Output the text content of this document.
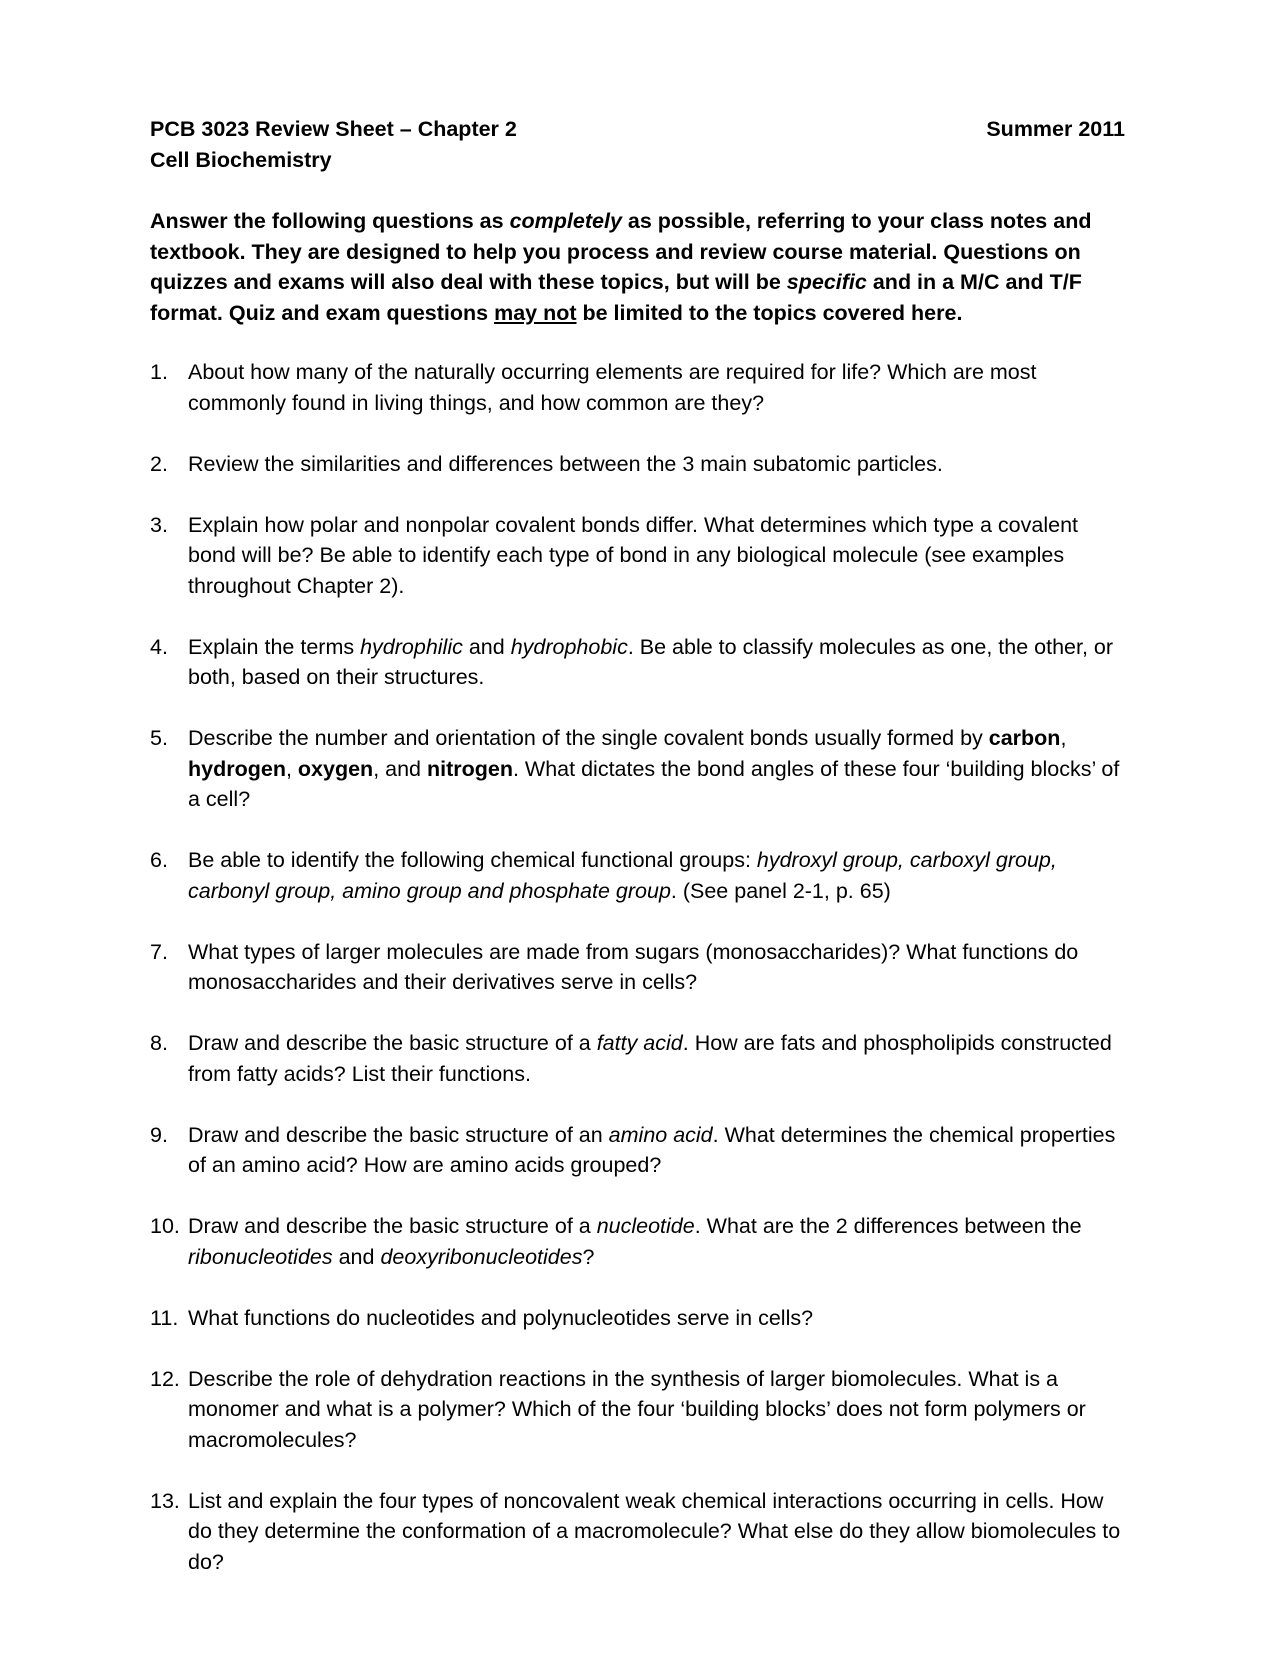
PCB 3023 Review Sheet – Chapter 2	Summer 2011
Cell Biochemistry
Answer the following questions as completely as possible, referring to your class notes and textbook. They are designed to help you process and review course material. Questions on quizzes and exams will also deal with these topics, but will be specific and in a M/C and T/F format. Quiz and exam questions may not be limited to the topics covered here.
1. About how many of the naturally occurring elements are required for life? Which are most commonly found in living things, and how common are they?
2. Review the similarities and differences between the 3 main subatomic particles.
3. Explain how polar and nonpolar covalent bonds differ. What determines which type a covalent bond will be? Be able to identify each type of bond in any biological molecule (see examples throughout Chapter 2).
4. Explain the terms hydrophilic and hydrophobic. Be able to classify molecules as one, the other, or both, based on their structures.
5. Describe the number and orientation of the single covalent bonds usually formed by carbon, hydrogen, oxygen, and nitrogen. What dictates the bond angles of these four ‘building blocks’ of a cell?
6. Be able to identify the following chemical functional groups: hydroxyl group, carboxyl group, carbonyl group, amino group and phosphate group. (See panel 2-1, p. 65)
7. What types of larger molecules are made from sugars (monosaccharides)? What functions do monosaccharides and their derivatives serve in cells?
8. Draw and describe the basic structure of a fatty acid. How are fats and phospholipids constructed from fatty acids? List their functions.
9. Draw and describe the basic structure of an amino acid. What determines the chemical properties of an amino acid? How are amino acids grouped?
10. Draw and describe the basic structure of a nucleotide. What are the 2 differences between the ribonucleotides and deoxyribonucleotides?
11. What functions do nucleotides and polynucleotides serve in cells?
12. Describe the role of dehydration reactions in the synthesis of larger biomolecules. What is a monomer and what is a polymer? Which of the four ‘building blocks’ does not form polymers or macromolecules?
13. List and explain the four types of noncovalent weak chemical interactions occurring in cells. How do they determine the conformation of a macromolecule? What else do they allow biomolecules to do?
